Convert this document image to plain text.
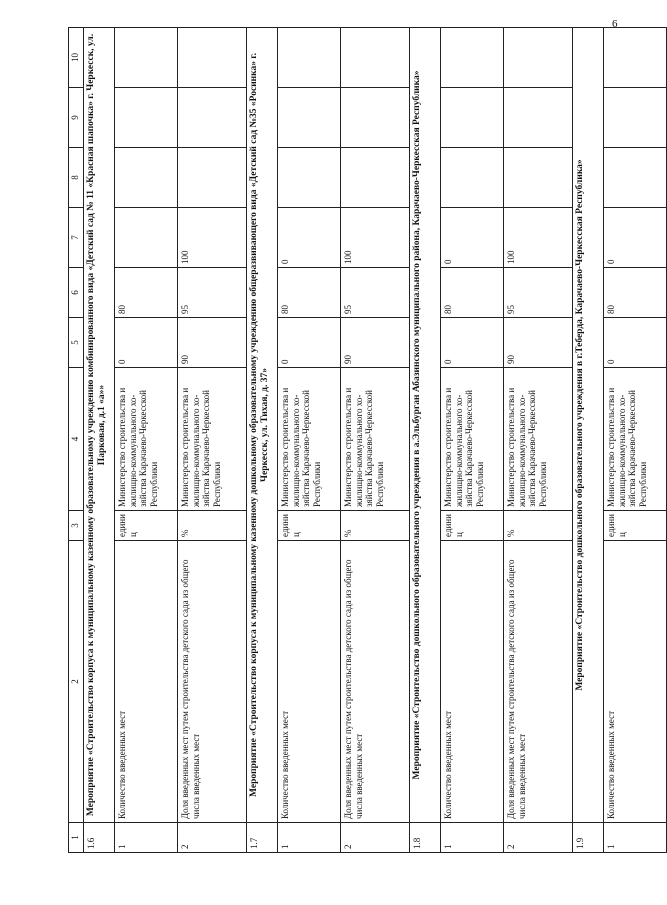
6
1	2	3	4	5	6	7	8	9	10
1.6	Мероприятие «Строительство корпуса к муниципальному казенному образовательному учреждению комбинированного вида «Детский сад № 11 «Красная шапочка» г. Черкесск, ул. Парковая, д.1 «а»»								
1	Количество введенных мест	единиц	Министерство строительства и жилищно-коммунального хо- зяйства Карачаево-Черкесской Республики	0	80				
2	Доля введенных мест путем строительства детского сада из общего числа введенных мест	%	Министерство строительства и жилищно-коммунального хо- зяйства Карачаево-Черкесской Республики	90	95	100			
1.7	Мероприятие «Строительство корпуса к муниципальному казенному дошкольному образовательному учреждению общеразвивающего вида «Детский сад №35 «Росинка» г. Черкесск, ул. Тихая, д. 37»								
1	Количество введенных мест	единиц	Министерство строительства и жилищно-коммунального хо- зяйства Карачаево-Черкесской Республики	0	80	0			
2	Доля введенных мест путем строительства детского сада из общего числа введенных мест	%	Министерство строительства и жилищно-коммунального хо- зяйства Карачаево-Черкесской Республики	90	95	100			
1.8	Мероприятие «Строительство дошкольного образовательного учреждения в а.Эльбурган Абазинского муниципального района, Карачаево-Черкесская Республика»								
1	Количество введенных мест	единиц	Министерство строительства и жилищно-коммунального хо- зяйства Карачаево-Черкесской Республики	0	80	0			
2	Доля введенных мест путем строительства детского сада из общего числа введенных мест	%	Министерство строительства и жилищно-коммунального хо- зяйства Карачаево-Черкесской Республики	90	95	100			
1.9	Мероприятие «Строительство дошкольного образовательного учреждения в г.Теберда, Карачаево-Черкесская Республика»								
1	Количество введенных мест	единиц	Министерство строительства и жилищно-коммунального хо- зяйства Карачаево-Черкесской Республики	0	80	0			
